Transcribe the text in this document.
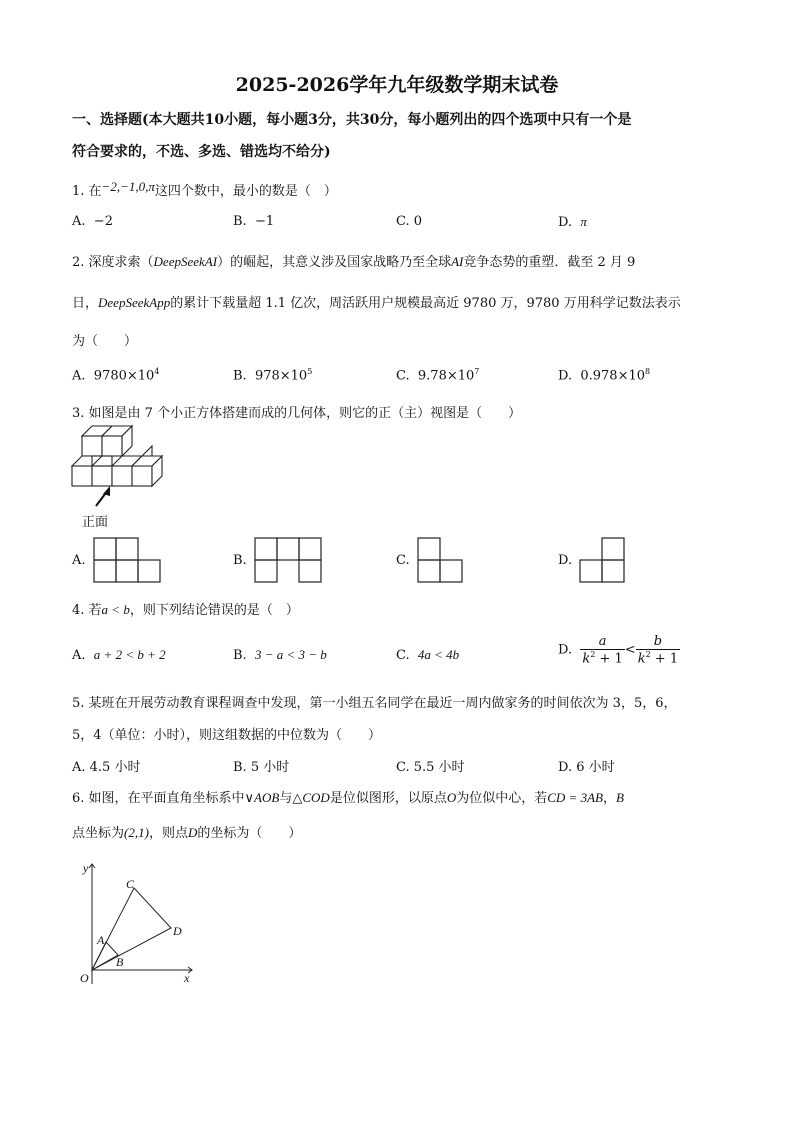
2025-2026学年九年级数学期末试卷
一、选择题(本大题共10小题，每小题3分，共30分，每小题列出的四个选项中只有一个是
符合要求的，不选、多选、错选均不给分)
1. 在−2,−1,0,π这四个数中，最小的数是（　）
A. −2	B. −1	C. 0	D. π
2. 深度求索（DeepSeekAI）的崛起，其意义涉及国家战略乃至全球AI竞争态势的重塑．截至 2 月 9
日，DeepSeekApp的累计下载量超 1.1 亿次，周活跃用户规模最高近 9780 万，9780 万用科学记数法表示
为（　　）
A. $9780\times 10^4$	B. $978\times 10^5$	C. $9.78\times 10^7$	D. $0.978\times 10^8$
3. 如图是由 7 个小正方体搭建而成的几何体，则它的正（主）视图是（　　）
正面
A.	B.	C.	D.
4. 若a < b，则下列结论错误的是（　）
A. a + 2 < b + 2	B. 3 − a < 3 − b	C. 4a < 4b	D. $\frac{a}{k^2 + 1} < \frac{b}{k^2 + 1}$
5. 某班在开展劳动教育课程调查中发现，第一小组五名同学在最近一周内做家务的时间依次为 3，5，6，
5，4（单位：小时），则这组数据的中位数为（　　）
A. 4.5 小时	B. 5 小时	C. 5.5 小时	D. 6 小时
6. 如图，在平面直角坐标系中∨AOB与△COD是位似图形，以原点O为位似中心，若CD = 3AB，B
点坐标为(2,1)，则点D的坐标为（　　）
y
x
O
A
B
C
D
